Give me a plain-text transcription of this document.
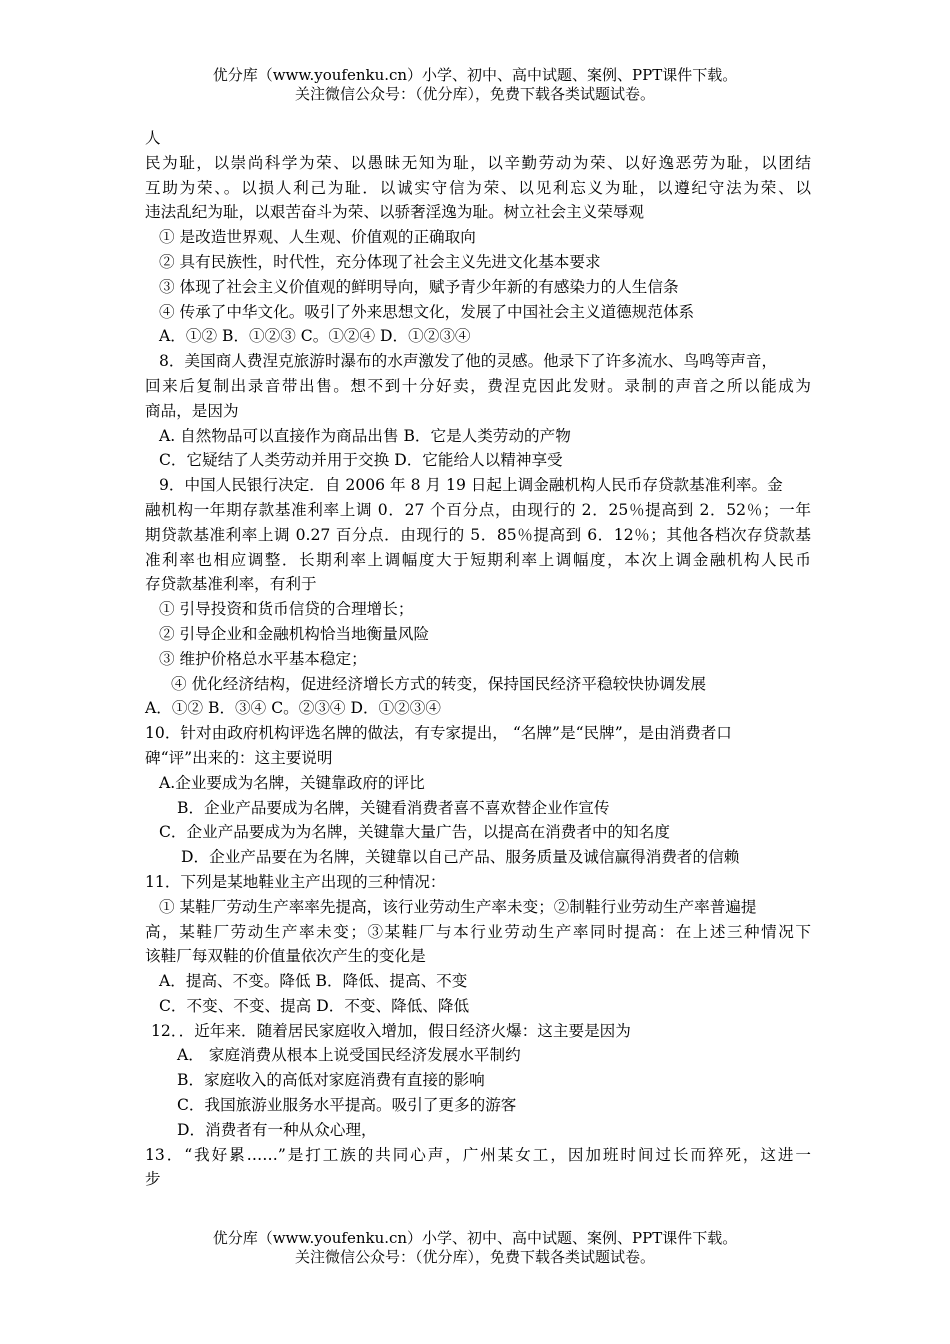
优分库（www.youfenku.cn）小学、初中、高中试题、案例、PPT课件下载。
关注微信公众号：（优分库），免费下载各类试题试卷。
人
民为耻，以崇尚科学为荣、以愚昧无知为耻，以辛勤劳动为荣、以好逸恶劳为耻，以团结
互助为荣、。以损人利己为耻．以诚实守信为荣、以见利忘义为耻，以遵纪守法为荣、以
违法乱纪为耻，以艰苦奋斗为荣、以骄奢淫逸为耻。树立社会主义荣辱观
① 是改造世界观、人生观、价值观的正确取向
② 具有民族性，时代性，充分体现了社会主义先进文化基本要求
③ 体现了社会主义价值观的鲜明导向，赋予青少年新的有感染力的人生信条
④ 传承了中华文化。吸引了外来思想文化，发展了中国社会主义道德规范体系
A．①② B．①②③ C。①②④ D．①②③④
8．美国商人费涅克旅游时瀑布的水声激发了他的灵感。他录下了许多流水、鸟鸣等声音，
回来后复制出录音带出售。想不到十分好卖，费涅克因此发财。录制的声音之所以能成为
商品，是因为
A. 自然物品可以直接作为商品出售 B．它是人类劳动的产物
C．它疑结了人类劳动并用于交换 D．它能给人以精神享受
9．中国人民银行决定．自 2006 年 8 月 19 日起上调金融机构人民币存贷款基准利率。金
融机构一年期存款基准利率上调 0．27 个百分点，由现行的 2．25％提高到 2．52％；一年
期贷款基准利率上调 0.27 百分点．由现行的 5．85％提高到 6．12％；其他各档次存贷款基
准利率也相应调整．长期利率上调幅度大于短期利率上调幅度，本次上调金融机构人民币
存贷款基准利率，有利于
① 引导投资和货币信贷的合理增长；
② 引导企业和金融机构恰当地衡量风险
③ 维护价格总水平基本稳定；
④ 优化经济结构，促进经济增长方式的转变，保持国民经济平稳较快协调发展
A．①② B．③④ C。②③④ D．①②③④
10．针对由政府机构评选名牌的做法，有专家提出， “名牌”是“民牌”，是由消费者口
碑“评”出来的：这主要说明
A.企业要成为名牌，关键靠政府的评比
B．企业产品要成为名牌，关键看消费者喜不喜欢替企业作宣传
C．企业产品要成为为名牌，关键靠大量广告，以提高在消费者中的知名度
D．企业产品要在为名牌，关键靠以自己产品、服务质量及诚信赢得消费者的信赖
11．下列是某地鞋业主产出现的三种情况：
① 某鞋厂劳动生产率率先提高，该行业劳动生产率未变；②制鞋行业劳动生产率普遍提
高，某鞋厂劳动生产率未变；③某鞋厂与本行业劳动生产率同时提高：在上述三种情况下
该鞋厂每双鞋的价值量依次产生的变化是
A．提高、不变。降低 B．降低、提高、不变
C．不变、不变、提高 D．不变、降低、降低
12．．近年来．随着居民家庭收入增加，假日经济火爆：这主要是因为
A． 家庭消费从根本上说受国民经济发展水平制约
B．家庭收入的高低对家庭消费有直接的影响
C．我国旅游业服务水平提高。吸引了更多的游客
D．消费者有一种从众心理，
13．“我好累……”是打工族的共同心声，广州某女工，因加班时间过长而猝死，这进一
步
优分库（www.youfenku.cn）小学、初中、高中试题、案例、PPT课件下载。
关注微信公众号：（优分库），免费下载各类试题试卷。
